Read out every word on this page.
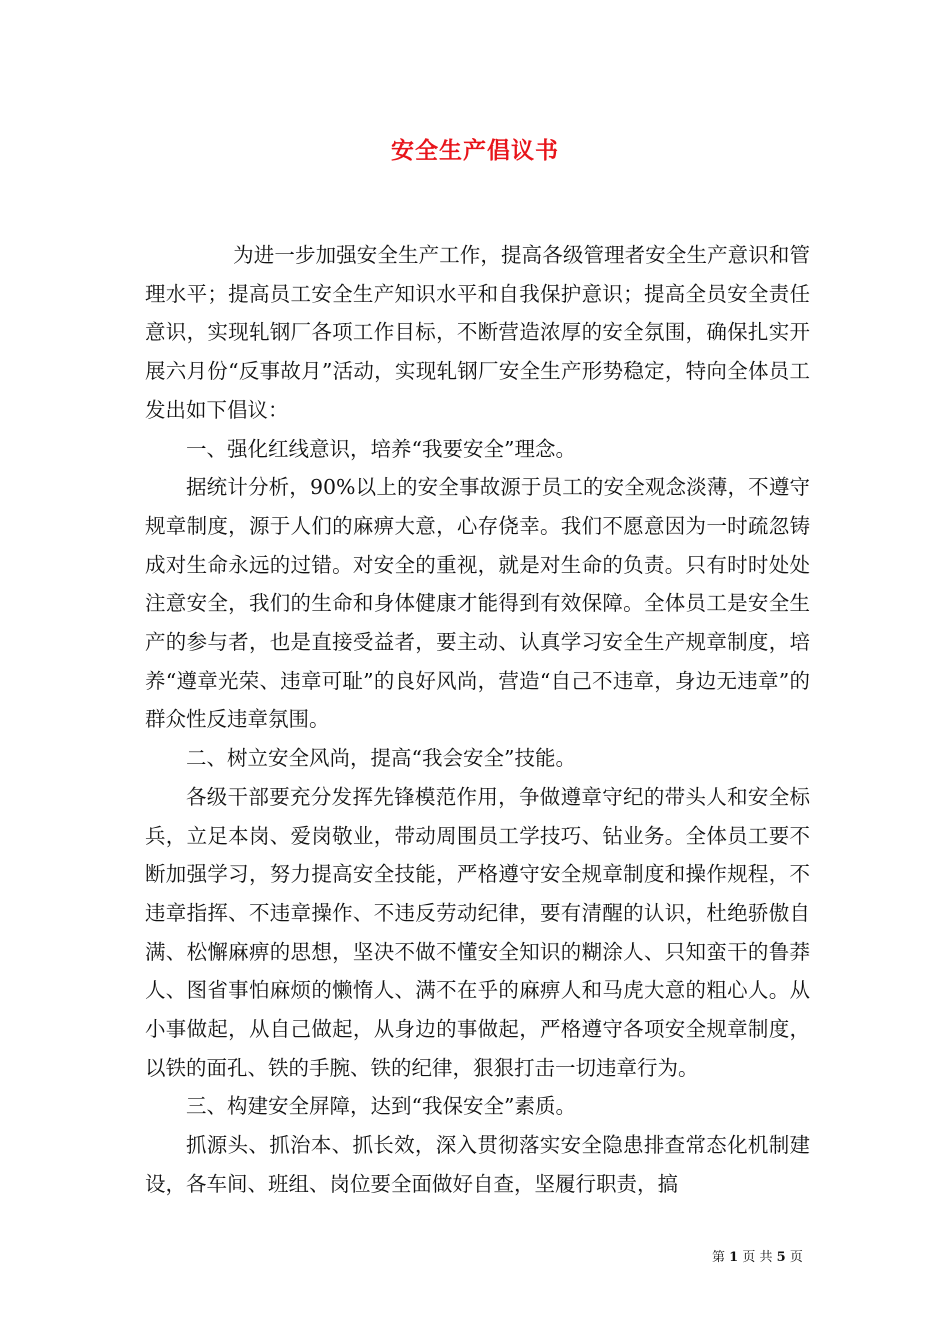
安全生产倡议书

为进一步加强安全生产工作，提高各级管理者安全生产意识和管理水平；提高员工安全生产知识水平和自我保护意识；提高全员安全责任意识，实现轧钢厂各项工作目标，不断营造浓厚的安全氛围，确保扎实开展六月份“反事故月”活动，实现轧钢厂安全生产形势稳定，特向全体员工发出如下倡议：

一、强化红线意识，培养“我要安全”理念。

据统计分析，90%以上的安全事故源于员工的安全观念淡薄，不遵守规章制度，源于人们的麻痹大意，心存侥幸。我们不愿意因为一时疏忽铸成对生命永远的过错。对安全的重视，就是对生命的负责。只有时时处处注意安全，我们的生命和身体健康才能得到有效保障。全体员工是安全生产的参与者，也是直接受益者，要主动、认真学习安全生产规章制度，培养“遵章光荣、违章可耻”的良好风尚，营造“自己不违章，身边无违章”的群众性反违章氛围。

二、树立安全风尚，提高“我会安全”技能。

各级干部要充分发挥先锋模范作用，争做遵章守纪的带头人和安全标兵，立足本岗、爱岗敬业，带动周围员工学技巧、钻业务。全体员工要不断加强学习，努力提高安全技能，严格遵守安全规章制度和操作规程，不违章指挥、不违章操作、不违反劳动纪律，要有清醒的认识，杜绝骄傲自满、松懈麻痹的思想，坚决不做不懂安全知识的糊涂人、只知蛮干的鲁莽人、图省事怕麻烦的懒惰人、满不在乎的麻痹人和马虎大意的粗心人。从小事做起，从自己做起，从身边的事做起，严格遵守各项安全规章制度，以铁的面孔、铁的手腕、铁的纪律，狠狠打击一切违章行为。

三、构建安全屏障，达到“我保安全”素质。

抓源头、抓治本、抓长效，深入贯彻落实安全隐患排查常态化机制建设，各车间、班组、岗位要全面做好自查，坚履行职责，搞

第 1 页 共 5 页
